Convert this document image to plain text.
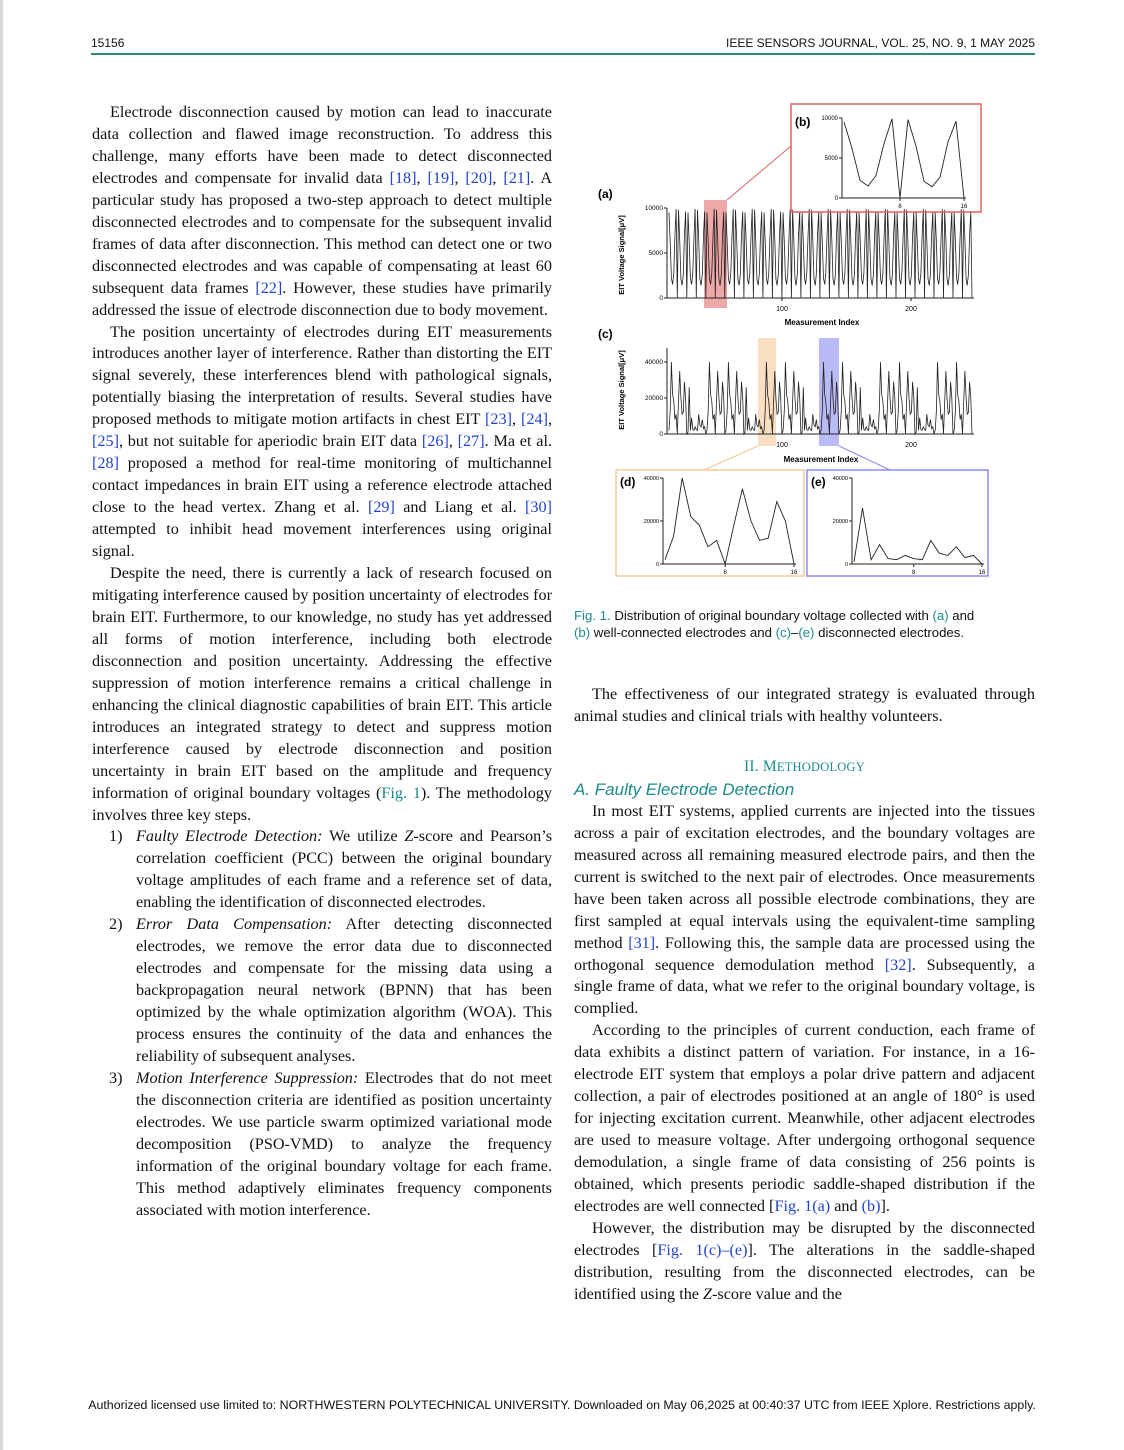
15156	IEEE SENSORS JOURNAL, VOL. 25, NO. 9, 1 MAY 2025

Electrode disconnection caused by motion can lead to inaccurate data collection and flawed image reconstruction. To address this challenge, many efforts have been made to detect disconnected electrodes and compensate for invalid data [18], [19], [20], [21]. A particular study has proposed a two-step approach to detect multiple disconnected electrodes and to compensate for the subsequent invalid frames of data after disconnection. This method can detect one or two disconnected electrodes and was capable of compensating at least 60 subsequent data frames [22]. However, these studies have primarily addressed the issue of electrode disconnection due to body movement.

The position uncertainty of electrodes during EIT measurements introduces another layer of interference. Rather than distorting the EIT signal severely, these interferences blend with pathological signals, potentially biasing the interpretation of results. Several studies have proposed methods to mitigate motion artifacts in chest EIT [23], [24], [25], but not suitable for aperiodic brain EIT data [26], [27]. Ma et al. [28] proposed a method for real-time monitoring of multichannel contact impedances in brain EIT using a reference electrode attached close to the head vertex. Zhang et al. [29] and Liang et al. [30] attempted to inhibit head movement interferences using original signal.

Despite the need, there is currently a lack of research focused on mitigating interference caused by position uncertainty of electrodes for brain EIT. Furthermore, to our knowledge, no study has yet addressed all forms of motion interference, including both electrode disconnection and position uncertainty. Addressing the effective suppression of motion interference remains a critical challenge in enhancing the clinical diagnostic capabilities of brain EIT. This article introduces an integrated strategy to detect and suppress motion interference caused by electrode disconnection and position uncertainty in brain EIT based on the amplitude and frequency information of original boundary voltages (Fig. 1). The methodology involves three key steps.

1) Faulty Electrode Detection: We utilize Z-score and Pearson’s correlation coefficient (PCC) between the original boundary voltage amplitudes of each frame and a reference set of data, enabling the identification of disconnected electrodes.
2) Error Data Compensation: After detecting disconnected electrodes, we remove the error data due to disconnected electrodes and compensate for the missing data using a backpropagation neural network (BPNN) that has been optimized by the whale optimization algorithm (WOA). This process ensures the continuity of the data and enhances the reliability of subsequent analyses.
3) Motion Interference Suppression: Electrodes that do not meet the disconnection criteria are identified as position uncertainty electrodes. We use particle swarm optimized variational mode decomposition (PSO-VMD) to analyze the frequency information of the original boundary voltage for each frame. This method adaptively eliminates frequency components associated with motion interference.
(a)
0
5000
10000
100	200
Measurement Index
EIT Voltage Signal[μV]
(b)
0
5000
10000
8	16
(c)
0
20000
40000
100	200
Measurement Index
EIT Voltage Signal[μV]
(d)
0
20000
40000
8	16
(e)
0
20000
40000
8	16
Fig. 1. Distribution of original boundary voltage collected with (a) and
(b) well-connected electrodes and (c)–(e) disconnected electrodes.

The effectiveness of our integrated strategy is evaluated through animal studies and clinical trials with healthy volunteers.

II. METHODOLOGY
A. Faulty Electrode Detection

In most EIT systems, applied currents are injected into the tissues across a pair of excitation electrodes, and the boundary voltages are measured across all remaining measured electrode pairs, and then the current is switched to the next pair of electrodes. Once measurements have been taken across all possible electrode combinations, they are first sampled at equal intervals using the equivalent-time sampling method [31]. Following this, the sample data are processed using the orthogonal sequence demodulation method [32]. Subsequently, a single frame of data, what we refer to the original boundary voltage, is complied.

According to the principles of current conduction, each frame of data exhibits a distinct pattern of variation. For instance, in a 16-electrode EIT system that employs a polar drive pattern and adjacent collection, a pair of electrodes positioned at an angle of 180° is used for injecting excitation current. Meanwhile, other adjacent electrodes are used to measure voltage. After undergoing orthogonal sequence demodulation, a single frame of data consisting of 256 points is obtained, which presents periodic saddle-shaped distribution if the electrodes are well connected [Fig. 1(a) and (b)].

However, the distribution may be disrupted by the disconnected electrodes [Fig. 1(c)–(e)]. The alterations in the saddle-shaped distribution, resulting from the disconnected electrodes, can be identified using the Z-score value and the

Authorized licensed use limited to: NORTHWESTERN POLYTECHNICAL UNIVERSITY. Downloaded on May 06,2025 at 00:40:37 UTC from IEEE Xplore. Restrictions apply.
